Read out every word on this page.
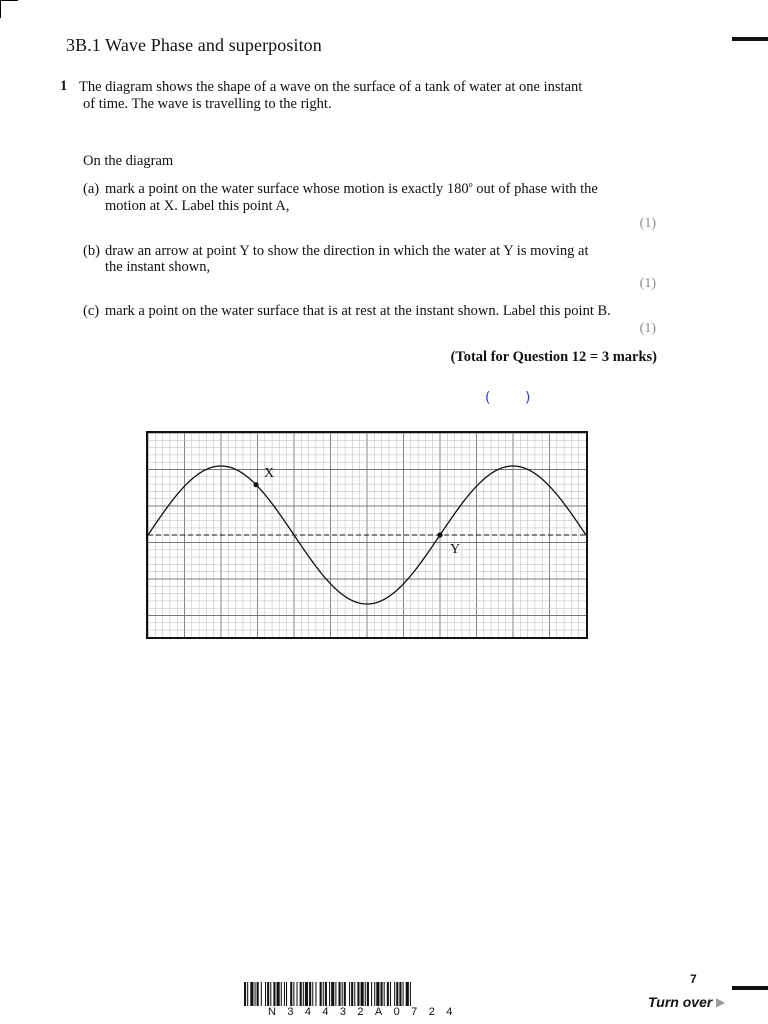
3B.1 Wave Phase and superpositon
1 The diagram shows the shape of a wave on the surface of a tank of water at one instant
of time. The wave is travelling to the right.
On the diagram
(a) mark a point on the water surface whose motion is exactly 180$^o$ out of phase with the
motion at X. Label this point A,
(1)
(b) draw an arrow at point Y to show the direction in which the water at Y is moving at
the instant shown,
(1)
(c) mark a point on the water surface that is at rest at the instant shown. Label this point B.
(1)
(Total for Question 12 = 3 marks)
( )
X
Y
7
Turn over ▶
N34432A0724
